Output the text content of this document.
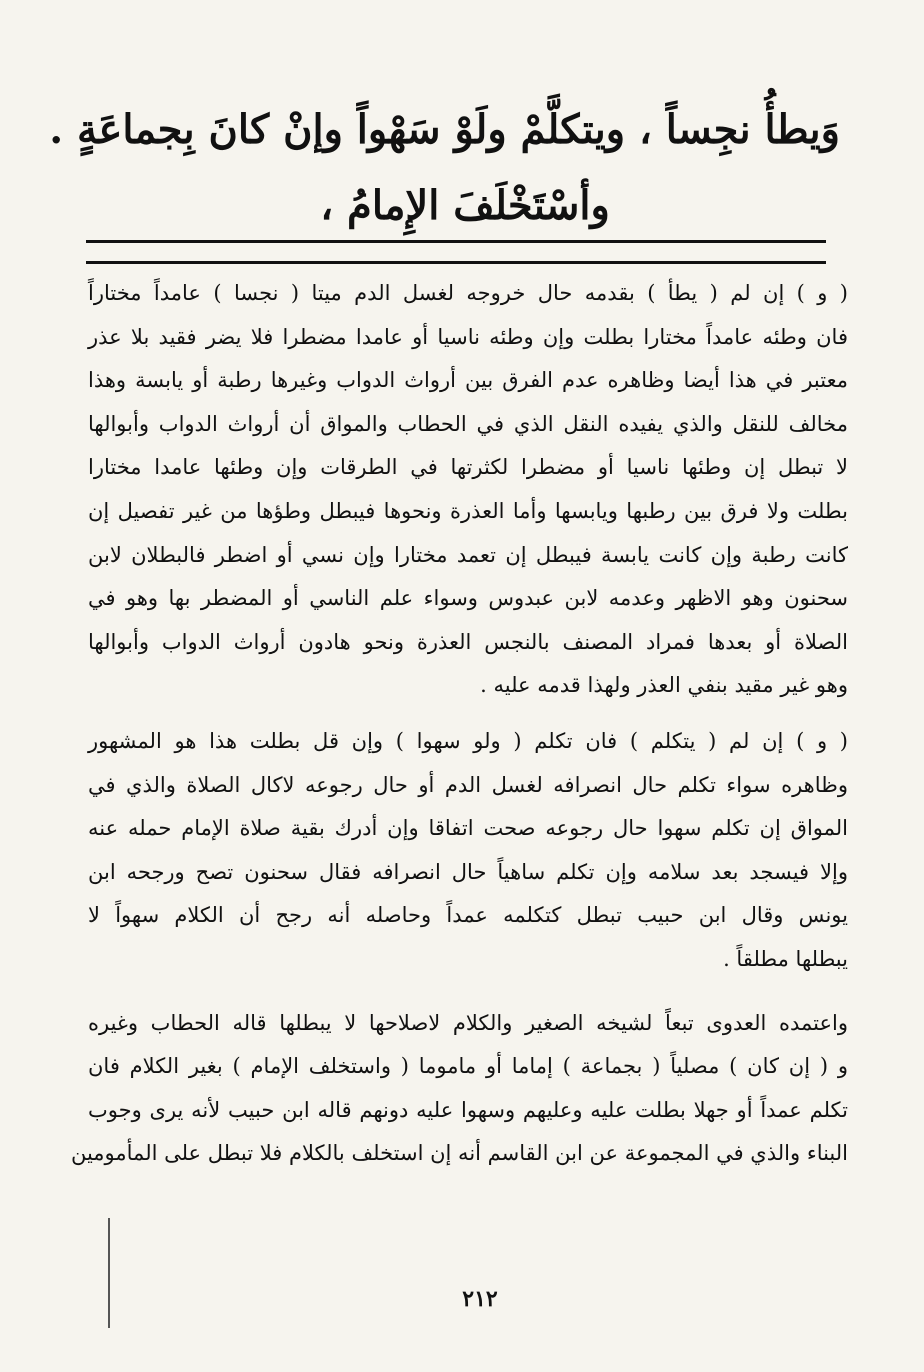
وَيطأُ نجِساً ، ويتكلَّمْ ولَوْ سَهْواً وإنْ كانَ بِجماعَةٍ .
وأسْتَخْلَفَ الإِمامُ ،
( و ) إن لم ( يطأ ) بقدمه حال خروجه لغسل الدم ميتا ( نجسا ) عامداً مختاراً
فان وطئه عامداً مختارا بطلت وإن وطئه ناسيا أو عامدا مضطرا فلا يضر فقيد بلا عذر
معتبر في هذا أيضا وظاهره عدم الفرق بين أرواث الدواب وغيرها رطبة أو يابسة وهذا
مخالف للنقل والذي يفيده النقل الذي في الحطاب والمواق أن أرواث الدواب وأبوالها
لا تبطل إن وطئها ناسيا أو مضطرا لكثرتها في الطرقات وإن وطئها عامدا مختارا
بطلت ولا فرق بين رطبها ويابسها وأما العذرة ونحوها فيبطل وطؤها من غير تفصيل إن
كانت رطبة وإن كانت يابسة فيبطل إن تعمد مختارا وإن نسي أو اضطر فالبطلان لابن
سحنون وهو الاظهر وعدمه لابن عبدوس وسواء علم الناسي أو المضطر بها وهو في
الصلاة أو بعدها فمراد المصنف بالنجس العذرة ونحو هادون أرواث الدواب وأبوالها
وهو غير مقيد بنفي العذر ولهذا قدمه عليه .
( و ) إن لم ( يتكلم ) فان تكلم ( ولو سهوا ) وإن قل بطلت هذا هو المشهور
وظاهره سواء تكلم حال انصرافه لغسل الدم أو حال رجوعه لاكال الصلاة والذي في
المواق إن تكلم سهوا حال رجوعه صحت اتفاقا وإن أدرك بقية صلاة الإمام حمله عنه
وإلا فيسجد بعد سلامه وإن تكلم ساهياً حال انصرافه فقال سحنون تصح ورجحه ابن
يونس وقال ابن حبيب تبطل كتكلمه عمداً وحاصله أنه رجح أن الكلام سهواً لا
يبطلها مطلقاً .
واعتمده العدوى تبعاً لشيخه الصغير والكلام لاصلاحها لا يبطلها قاله الحطاب وغيره
و ( إن كان ) مصلياً ( بجماعة ) إماما أو ماموما ( واستخلف الإمام ) بغير الكلام فان
تكلم عمداً أو جهلا بطلت عليه وعليهم وسهوا عليه دونهم قاله ابن حبيب لأنه يرى وجوب
البناء والذي في المجموعة عن ابن القاسم أنه إن استخلف بالكلام فلا تبطل على المأمومين
٢١٢
